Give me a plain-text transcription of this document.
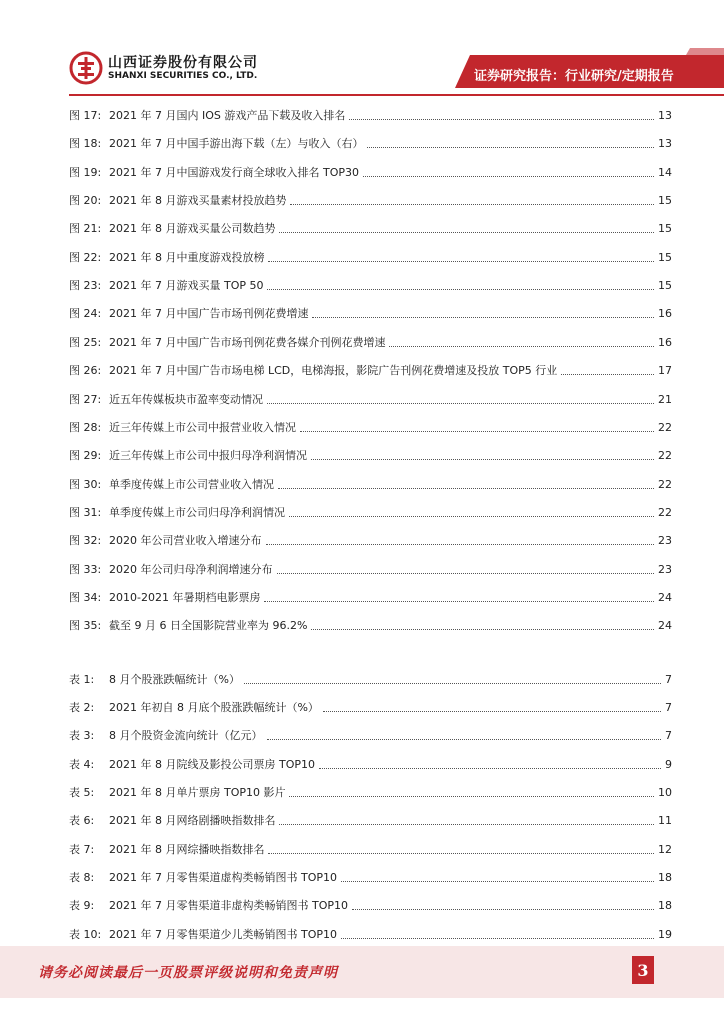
山西证券股份有限公司
SHANXI SECURITIES CO., LTD.	证券研究报告：行业研究/定期报告
图 17: 2021 年 7 月国内 IOS 游戏产品下载及收入排名	13
图 18: 2021 年 7 月中国手游出海下载（左）与收入（右）	13
图 19: 2021 年 7 月中国游戏发行商全球收入排名 TOP30	14
图 20: 2021 年 8 月游戏买量素材投放趋势	15
图 21: 2021 年 8 月游戏买量公司数趋势	15
图 22: 2021 年 8 月中重度游戏投放榜	15
图 23: 2021 年 7 月游戏买量 TOP 50	15
图 24: 2021 年 7 月中国广告市场刊例花费增速	16
图 25: 2021 年 7 月中国广告市场刊例花费各媒介刊例花费增速	16
图 26: 2021 年 7 月中国广告市场电梯 LCD，电梯海报，影院广告刊例花费增速及投放 TOP5 行业	17
图 27: 近五年传媒板块市盈率变动情况	21
图 28: 近三年传媒上市公司中报营业收入情况	22
图 29: 近三年传媒上市公司中报归母净利润情况	22
图 30: 单季度传媒上市公司营业收入情况	22
图 31: 单季度传媒上市公司归母净利润情况	22
图 32: 2020 年公司营业收入增速分布	23
图 33: 2020 年公司归母净利润增速分布	23
图 34: 2010-2021 年暑期档电影票房	24
图 35: 截至 9 月 6 日全国影院营业率为 96.2%	24
表 1:	8 月个股涨跌幅统计（%）	7
表 2:	2021 年初自 8 月底个股涨跌幅统计（%）	7
表 3:	8 月个股资金流向统计（亿元）	7
表 4:	2021 年 8 月院线及影投公司票房 TOP10	9
表 5:	2021 年 8 月单片票房 TOP10 影片	10
表 6:	2021 年 8 月网络剧播映指数排名	11
表 7:	2021 年 8 月网综播映指数排名	12
表 8:	2021 年 7 月零售渠道虚构类畅销图书 TOP10	18
表 9:	2021 年 7 月零售渠道非虚构类畅销图书 TOP10	18
表 10: 2021 年 7 月零售渠道少儿类畅销图书 TOP10	19
请务必阅读最后一页股票评级说明和免责声明	3
